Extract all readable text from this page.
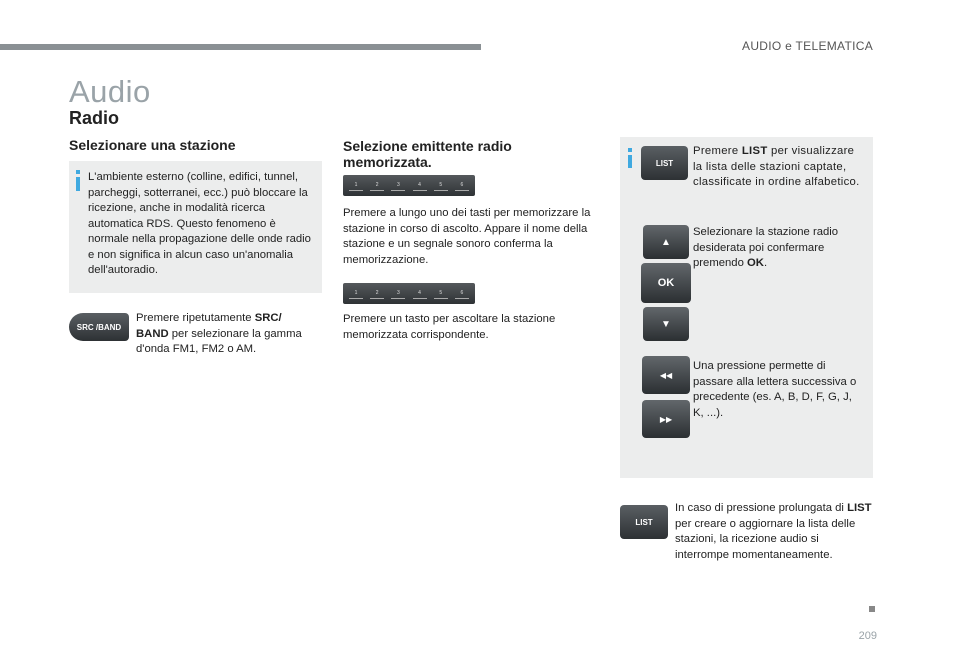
AUDIO e TELEMATICA
Audio
Radio
Selezionare una stazione
L'ambiente esterno (colline, edifici, tunnel, parcheggi, sotterranei, ecc.) può bloccare la ricezione, anche in modalità ricerca automatica RDS. Questo fenomeno è normale nella propagazione delle onde radio e non significa in alcun caso un'anomalia dell'autoradio.
SRC /BAND
Premere ripetutamente SRC/ BAND per selezionare la gamma d'onda FM1, FM2 o AM.
Selezione emittente radio memorizzata.
1	2	3	4	5	6
Premere a lungo uno dei tasti per memorizzare la stazione in corso di ascolto. Appare il nome della stazione e un segnale sonoro conferma la memorizzazione.
1	2	3	4	5	6
Premere un tasto per ascoltare la stazione memorizzata corrispondente.
LIST
Premere LIST per visualizzare la lista delle stazioni captate, classificate in ordine alfabetico.
▲
OK
▼
Selezionare la stazione radio desiderata poi confermare premendo OK.
◀◀
▶▶
Una pressione permette di passare alla lettera successiva o precedente (es. A, B, D, F, G, J, K, ...).
LIST
In caso di pressione prolungata di LIST per creare o aggiornare la lista delle stazioni, la ricezione audio si interrompe momentaneamente.
209
